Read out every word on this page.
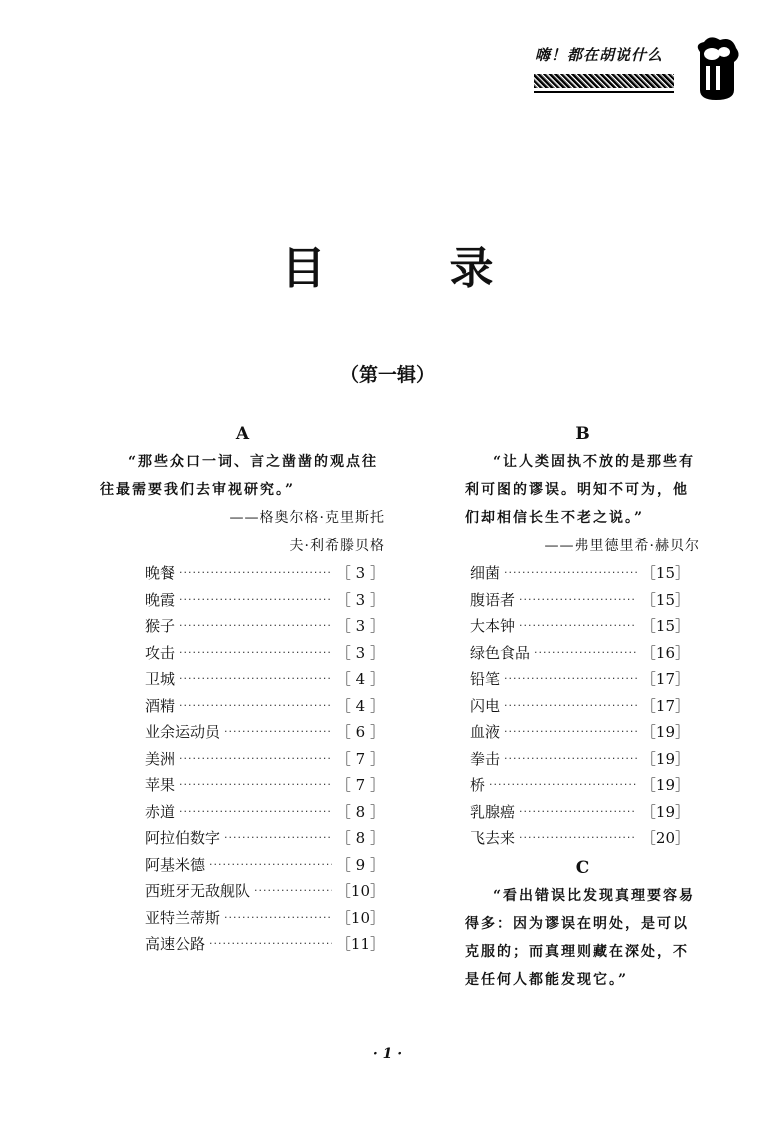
嗨！都在胡说什么
目	录
（第一辑）
A
“那些众口一词、言之凿凿的观点往往最需要我们去审视研究。”
——格奥尔格·克里斯托
夫·利希滕贝格
晚餐 ·····	［ 3 ］
晚霞 ·····	［ 3 ］
猴子 ·····	［ 3 ］
攻击 ·····	［ 3 ］
卫城 ·····	［ 4 ］
酒精 ·····	［ 4 ］
业余运动员 ·····	［ 6 ］
美洲 ·····	［ 7 ］
苹果 ·····	［ 7 ］
赤道 ·····	［ 8 ］
阿拉伯数字 ·····	［ 8 ］
阿基米德 ·····	［ 9 ］
西班牙无敌舰队 ·····	［10］
亚特兰蒂斯 ·····	［10］
高速公路 ·····	［11］
B
“让人类固执不放的是那些有利可图的谬误。明知不可为，他们却相信长生不老之说。”
——弗里德里希·赫贝尔
细菌 ·····	［15］
腹语者 ·····	［15］
大本钟 ·····	［15］
绿色食品 ·····	［16］
铅笔 ·····	［17］
闪电 ·····	［17］
血液 ·····	［19］
拳击 ·····	［19］
桥 ·····	［19］
乳腺癌 ·····	［19］
飞去来 ·····	［20］
C
“看出错误比发现真理要容易得多：因为谬误在明处，是可以克服的；而真理则藏在深处，不是任何人都能发现它。”
· 1 ·
